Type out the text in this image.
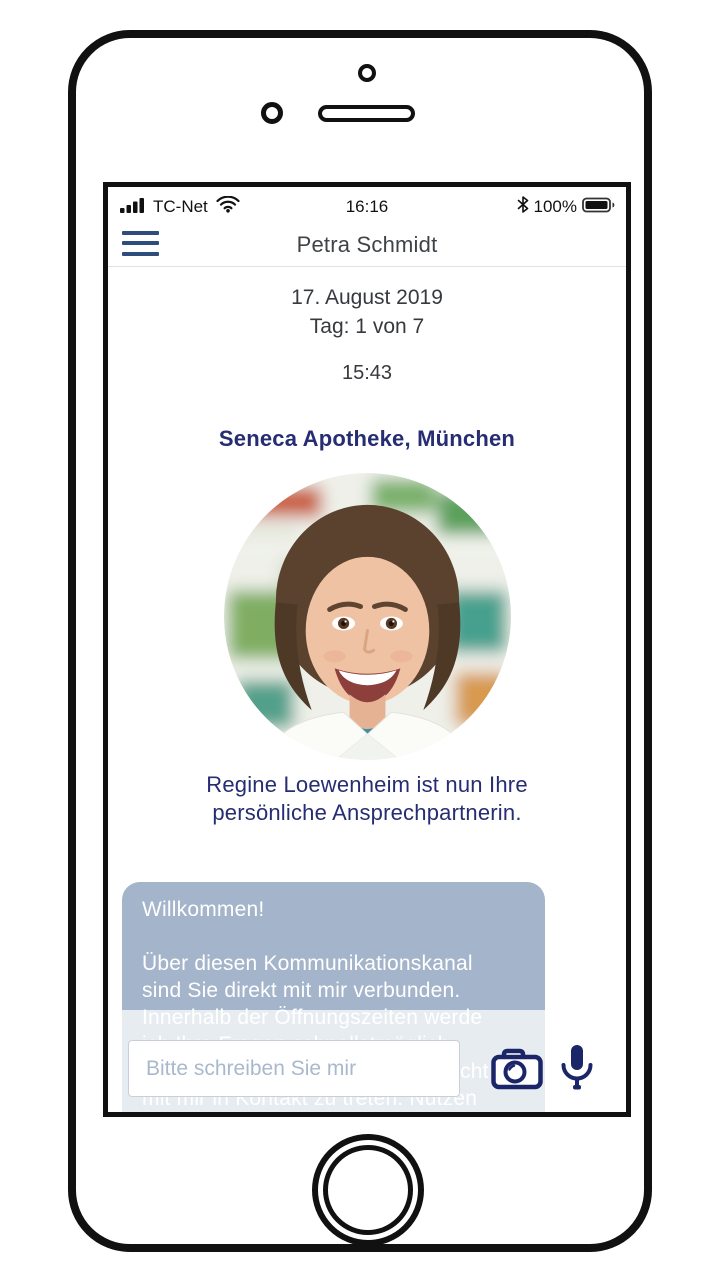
TC-Net	16:16	100%
Petra Schmidt
17. August 2019
Tag: 1 von 7
15:43
Seneca Apotheke, München
Regine Loewenheim ist nun Ihre
persönliche Ansprechpartnerin.
Willkommen!
Über diesen Kommunikationskanal
sind Sie direkt mit mir verbunden.
Bitte schreiben Sie mir
